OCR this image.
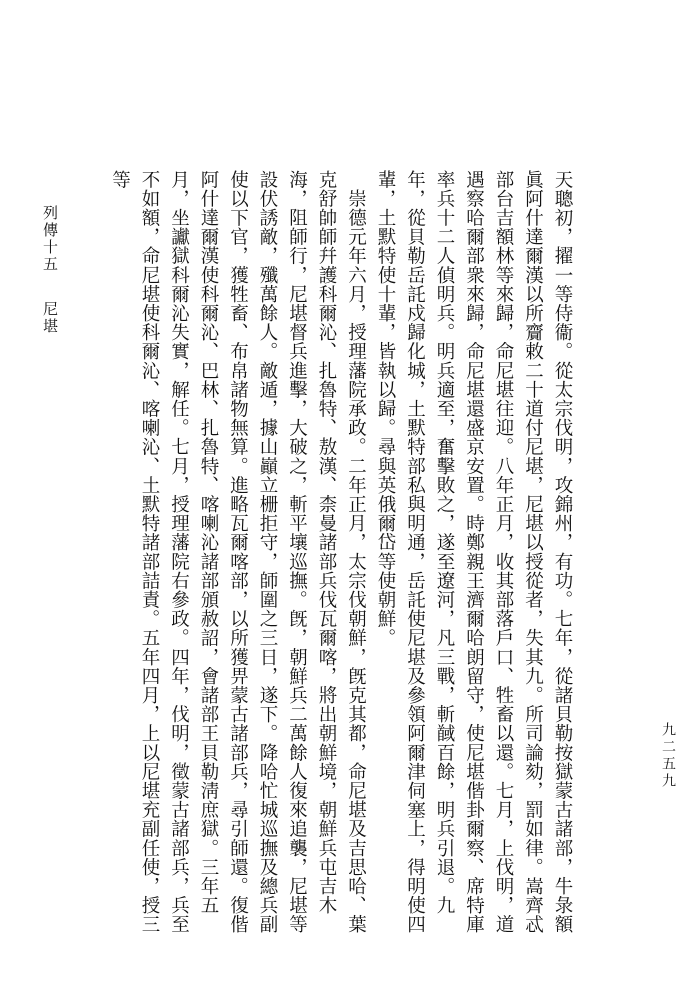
列傳十五尼堪	天聰初，擢一等侍衞。從太宗伐明，攻錦州，有功。七年，從諸貝勒按獄蒙古諸部，牛彔額眞阿什達爾漢以所齎敕二十道付尼堪，尼堪以授從者，失其九。所司論劾，罰如律。嵩齊忒部台吉額林等來歸，命尼堪往迎。八年正月，收其部落戶口、牲畜以還。七月，上伐明，道遇察哈爾部衆來歸，命尼堪還盛京安置。時鄭親王濟爾哈朗留守，使尼堪偕卦爾察、席特庫率兵十二人偵明兵。明兵適至，奮擊敗之，遂至遼河，凡三戰，斬馘百餘，明兵引退。九年，從貝勒岳託戍歸化城，土默特部私與明通，岳託使尼堪及參領阿爾津伺塞上，得明使四輩，土默特使十輩，皆執以歸。尋與英俄爾岱等使朝鮮。
　崇德元年六月，授理藩院承政。二年正月，太宗伐朝鮮，旣克其都，命尼堪及吉思哈、葉克舒帥師幷護科爾沁、扎魯特、敖漢、柰曼諸部兵伐瓦爾喀，將出朝鮮境，朝鮮兵屯吉木海，阻師行，尼堪督兵進擊，大破之，斬平壤巡撫。旣，朝鮮兵二萬餘人復來追襲，尼堪等設伏誘敵，殲萬餘人。敵遁，據山巓立栅拒守，師圍之三日，遂下。降哈忙城巡撫及總兵副使以下官，獲牲畜、布帛諸物無算。進略瓦爾喀部，以所獲畀蒙古諸部兵，尋引師還。復偕阿什達爾漢使科爾沁、巴林、扎魯特、喀喇沁諸部頒赦詔，會諸部王貝勒淸庶獄。三年五月，坐讞獄科爾沁失實，解任。七月，授理藩院右參政。四年，伐明，徵蒙古諸部兵，兵至不如額，命尼堪使科爾沁、喀喇沁、土默特諸部詰責。五年四月，上以尼堪充副任使，授三等
九二五九
